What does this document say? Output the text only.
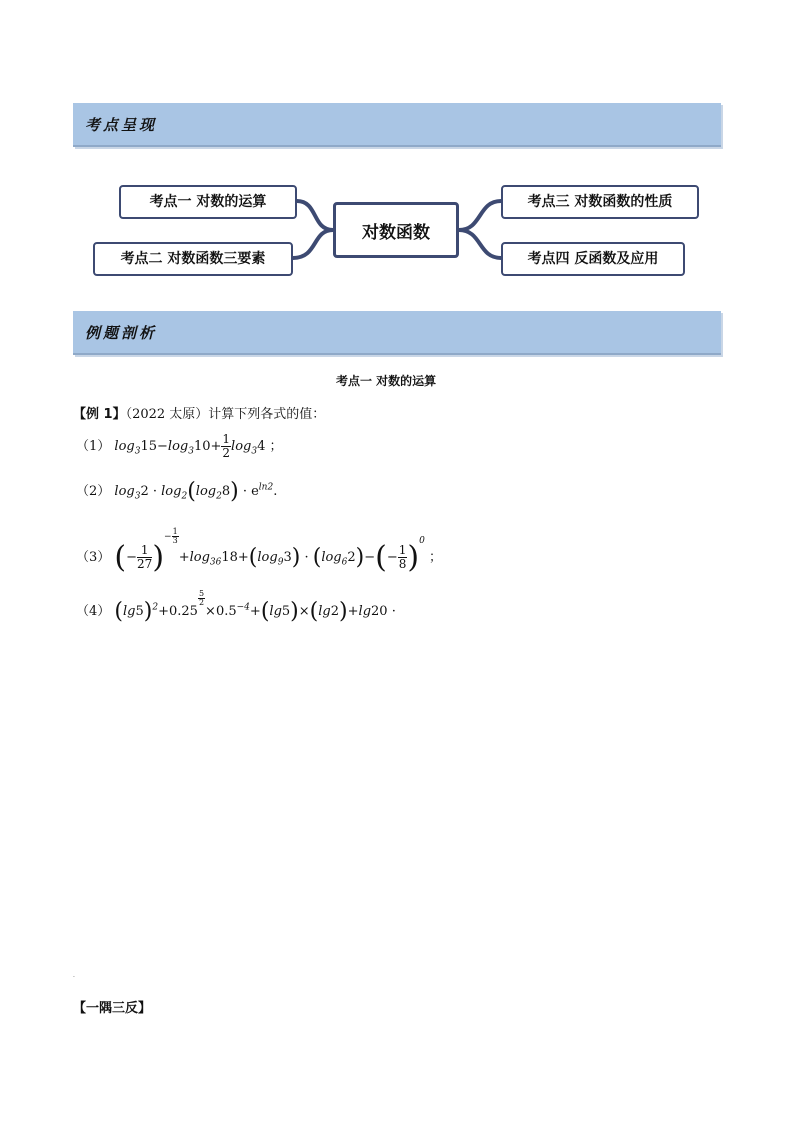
考点呈现
考点一 对数的运算
考点二 对数函数三要素
对数函数
考点三 对数函数的性质
考点四 反函数及应用
例题剖析
考点一 对数的运算
【例 1】（2022 太原）计算下列各式的值：
（1） $\log_315-\log_310+ \frac{1}{2} \log_34$ ；
（2） $\log_32 \cdot \log_2(\log_28) \cdot e^{ln2}$.
（3） (− $\frac{1}{27} )^{- \frac{1}{3}}$
$+\log_{36}18+(\log_93) \cdot (\log_62)-(- \frac{1}{8} )^0$ ；
（4） $(\lg 5)^2+0.25$
$^{\frac{5}{2}}$
$\times 0.5^{-4}+(\lg 5)\times(\lg 2)+\lg 20$ ·
.
【一隅三反】
